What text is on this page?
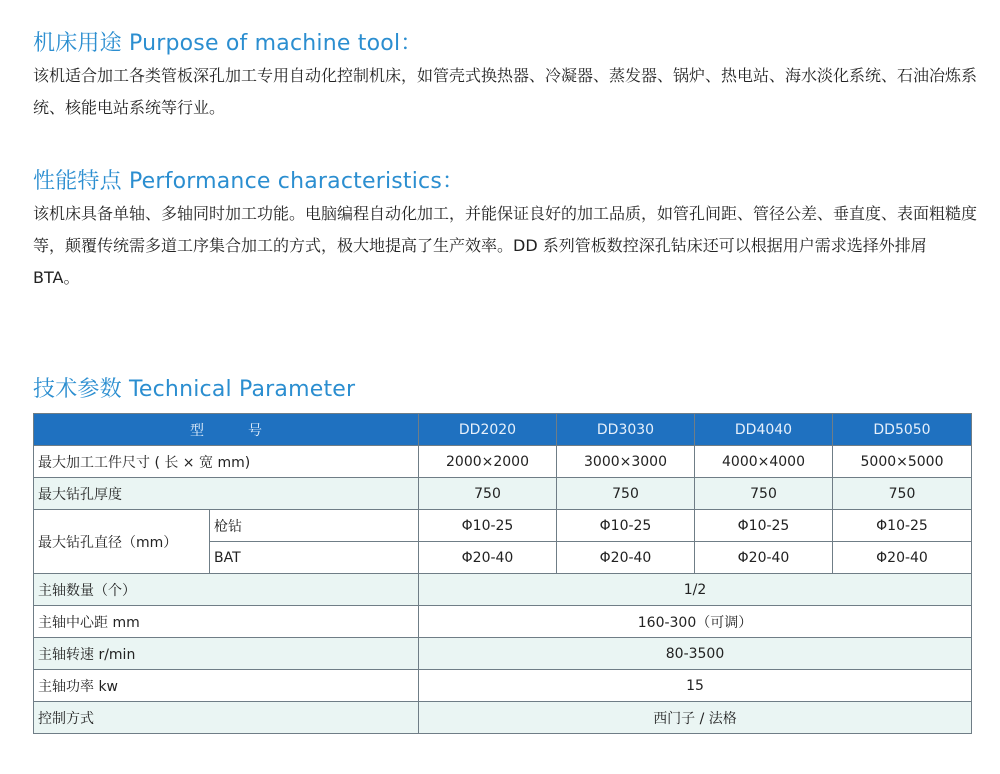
机床用途 Purpose of machine tool：

该机适合加工各类管板深孔加工专用自动化控制机床，如管壳式换热器、冷凝器、蒸发器、锅炉、热电站、海水淡化系统、石油冶炼系统、核能电站系统等行业。

性能特点 Performance characteristics：

该机床具备单轴、多轴同时加工功能。电脑编程自动化加工，并能保证良好的加工品质，如管孔间距、管径公差、垂直度、表面粗糙度等，颠覆传统需多道工序集合加工的方式，极大地提高了生产效率。DD 系列管板数控深孔钻床还可以根据用户需求选择外排屑 BTA。

技术参数 Technical Parameter
型 号		DD2020	DD3030	DD4040	DD5050
最大加工工件尺寸 ( 长 × 宽 mm)		2000×2000	3000×3000	4000×4000	5000×5000
最大钻孔厚度		750	750	750	750
最大钻孔直径（mm）	枪钻	Φ10-25	Φ10-25	Φ10-25	Φ10-25
	BAT	Φ20-40	Φ20-40	Φ20-40	Φ20-40
主轴数量（个）		1/2			
主轴中心距 mm		160-300（可调）			
主轴转速 r/min		80-3500			
主轴功率 kw		15			
控制方式		西门子 / 法格			
